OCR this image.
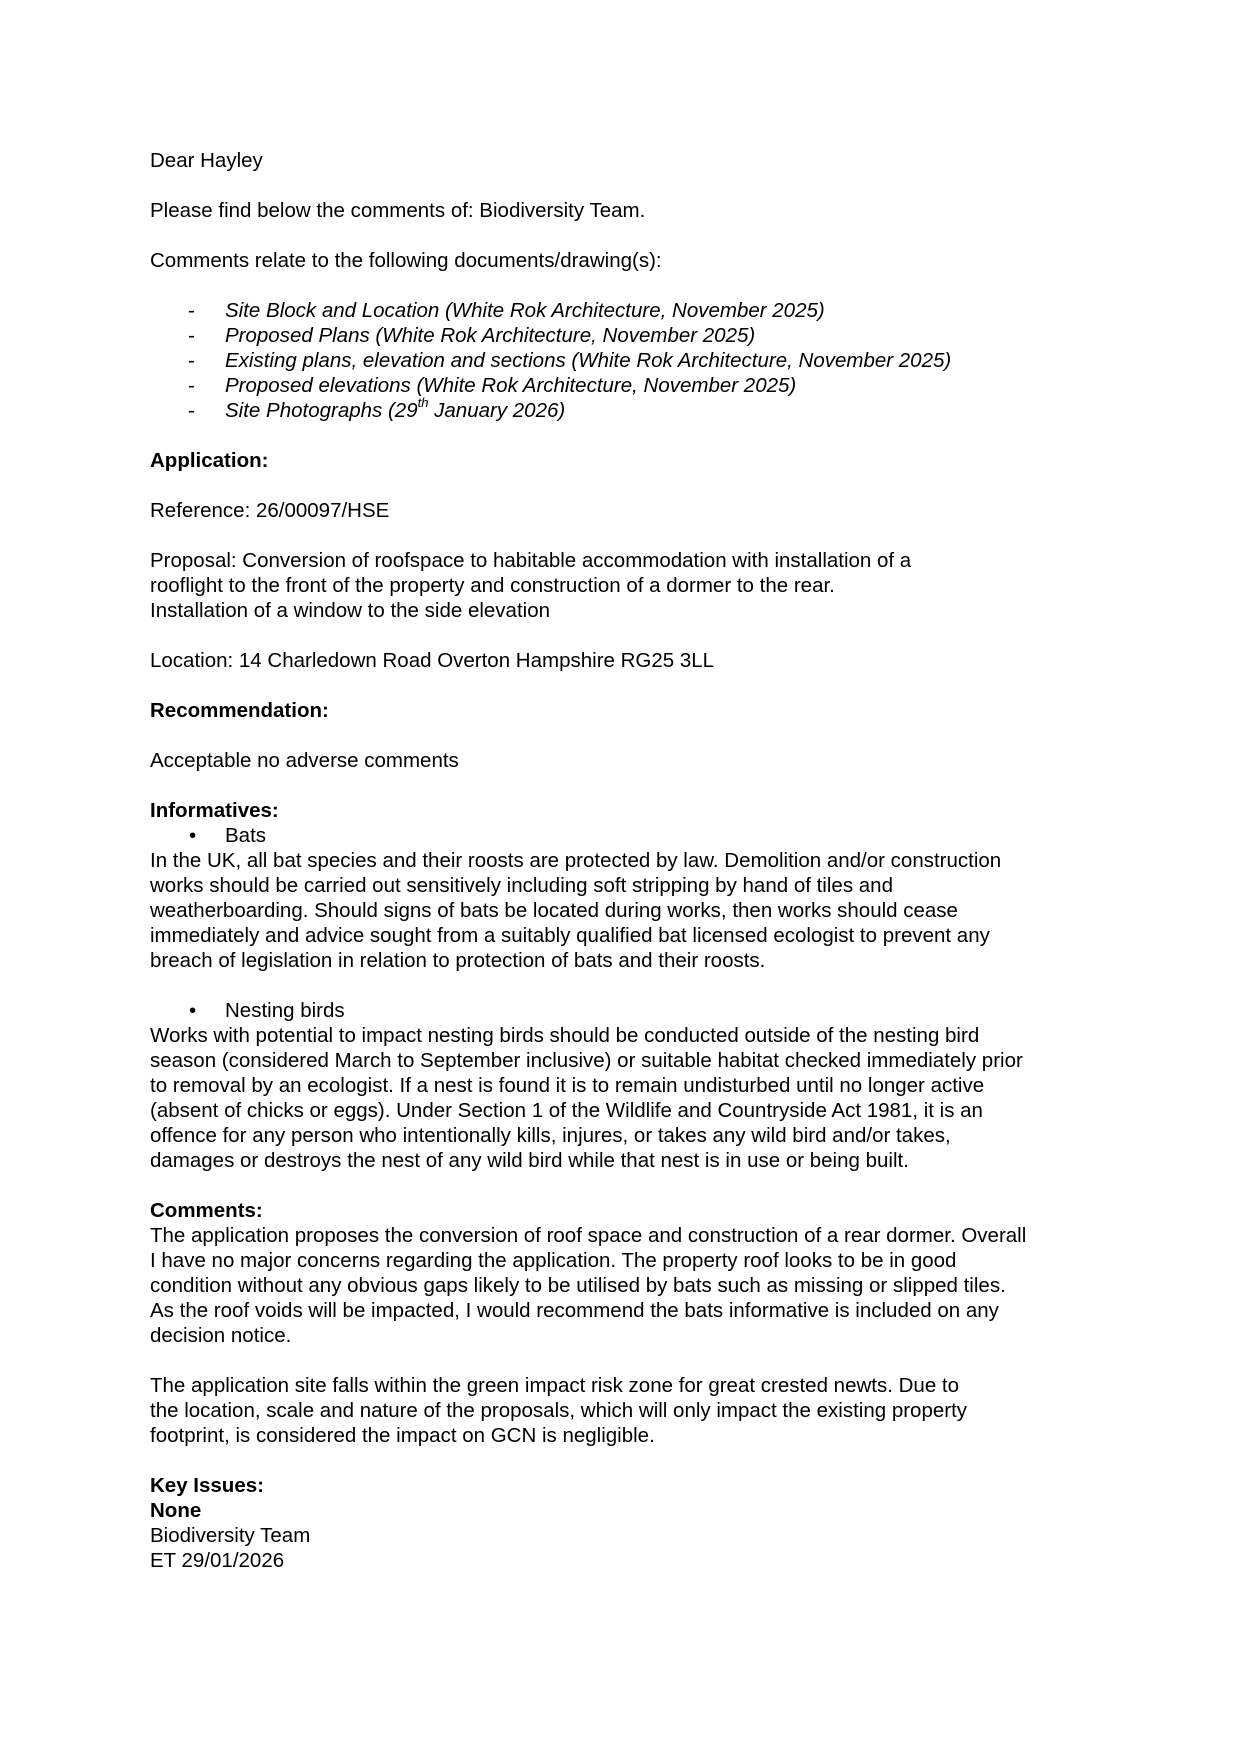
Dear Hayley

Please find below the comments of: Biodiversity Team.

Comments relate to the following documents/drawing(s):

- Site Block and Location (White Rok Architecture, November 2025)
- Proposed Plans (White Rok Architecture, November 2025)
- Existing plans, elevation and sections (White Rok Architecture, November 2025)
- Proposed elevations (White Rok Architecture, November 2025)
- Site Photographs (29th January 2026)

Application:

Reference: 26/00097/HSE

Proposal: Conversion of roofspace to habitable accommodation with installation of a

rooflight to the front of the property and construction of a dormer to the rear.

Installation of a window to the side elevation

Location: 14 Charledown Road Overton Hampshire RG25 3LL

Recommendation:

Acceptable no adverse comments

Informatives:

• Bats

In the UK, all bat species and their roosts are protected by law. Demolition and/or construction

works should be carried out sensitively including soft stripping by hand of tiles and

weatherboarding. Should signs of bats be located during works, then works should cease

immediately and advice sought from a suitably qualified bat licensed ecologist to prevent any

breach of legislation in relation to protection of bats and their roosts.

• Nesting birds

Works with potential to impact nesting birds should be conducted outside of the nesting bird

season (considered March to September inclusive) or suitable habitat checked immediately prior

to removal by an ecologist. If a nest is found it is to remain undisturbed until no longer active

(absent of chicks or eggs). Under Section 1 of the Wildlife and Countryside Act 1981, it is an

offence for any person who intentionally kills, injures, or takes any wild bird and/or takes,

damages or destroys the nest of any wild bird while that nest is in use or being built.

Comments:

The application proposes the conversion of roof space and construction of a rear dormer. Overall

I have no major concerns regarding the application. The property roof looks to be in good

condition without any obvious gaps likely to be utilised by bats such as missing or slipped tiles.

As the roof voids will be impacted, I would recommend the bats informative is included on any

decision notice.

The application site falls within the green impact risk zone for great crested newts. Due to

the location, scale and nature of the proposals, which will only impact the existing property

footprint, is considered the impact on GCN is negligible.

Key Issues:

None

Biodiversity Team

ET 29/01/2026
